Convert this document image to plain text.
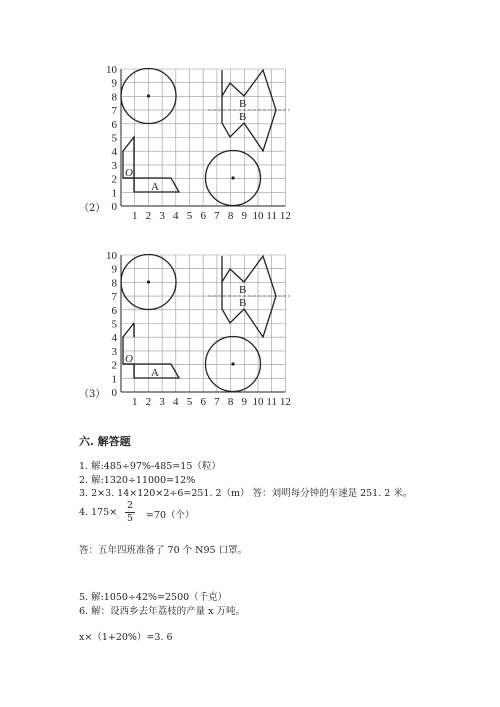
（2）
O
A
B
B
1
2
3
4
5
6
7
8
9
10
0
1 2 3 4 5 6 7 8 9 10 11 12
（3）
O
A
B
B
1
2
3
4
5
6
7
8
9
10
0
1 2 3 4 5 6 7 8 9 10 11 12
六. 解答题
1. 解:485÷97%-485=15（粒）
2. 解:1320÷11000=12%
3. 2×3. 14×120×2÷6=251. 2（m） 答：刘明每分钟的车速是 251. 2 米。
4. 175×
2
5	=70（个）
答：五年四班准备了 70 个 N95 口罩。
5. 解:1050÷42%=2500（千克）
6. 解：设西乡去年荔枝的产量 x 万吨。
x×（1+20%）=3. 6
